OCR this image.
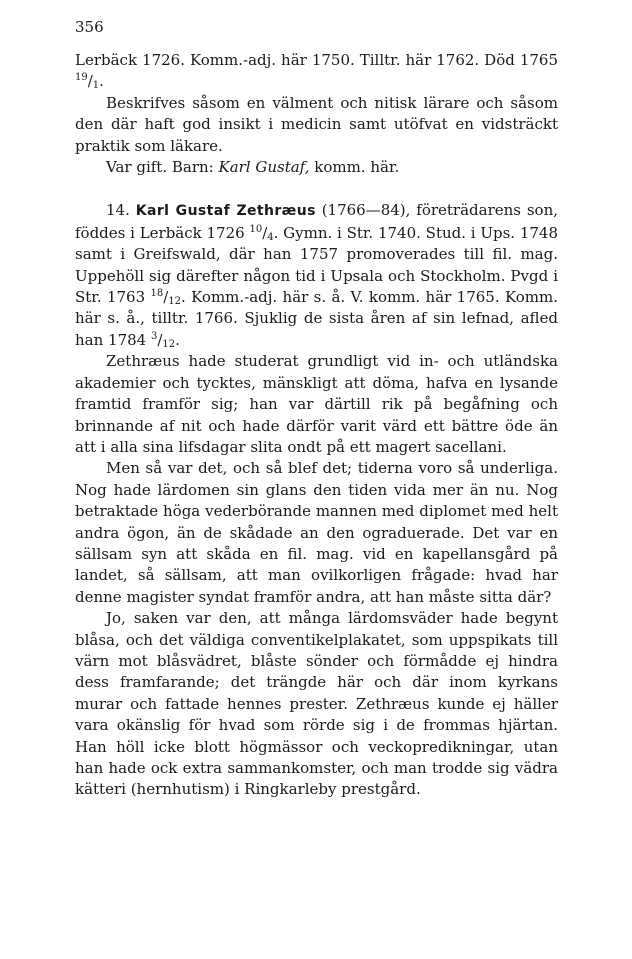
356

Lerbäck 1726. Komm.-adj. här 1750. Tilltr. här 1762. Död 1765 $^{19}/_1$.

Beskrifves såsom en välment och nitisk lärare och såsom den där haft god insikt i medicin samt utöfvat en vidsträckt praktik som läkare.

Var gift. Barn: Karl Gustaf, komm. här.

14. Karl Gustaf Zethræus (1766—84), företrädarens son, föddes i Lerbäck 1726 $^{10}/_4$. Gymn. i Str. 1740. Stud. i Ups. 1748 samt i Greifswald, där han 1757 promoverades till fil. mag. Uppehöll sig därefter någon tid i Upsala och Stockholm. Pvgd i Str. 1763 $^{18}/_{12}$. Komm.-adj. här s. å. V. komm. här 1765. Komm. här s. å., tilltr. 1766. Sjuklig de sista åren af sin lefnad, afled han 1784 $^3/_{12}$.

Zethræus hade studerat grundligt vid in- och utländska akademier och tycktes, mänskligt att döma, hafva en lysande framtid framför sig; han var därtill rik på begåfning och brinnande af nit och hade därför varit värd ett bättre öde än att i alla sina lifsdagar slita ondt på ett magert sacellani.

Men så var det, och så blef det; tiderna voro så underliga. Nog hade lärdomen sin glans den tiden vida mer än nu. Nog betraktade höga vederbörande mannen med diplomet med helt andra ögon, än de skådade an den ograduerade. Det var en sällsam syn att skåda en fil. mag. vid en kapellansgård på landet, så sällsam, att man ovilkorligen frågade: hvad har denne magister syndat framför andra, att han måste sitta där?

Jo, saken var den, att många lärdomsväder hade begynt blåsa, och det väldiga conventikelplakatet, som uppspikats till värn mot blåsvädret, blåste sönder och förmådde ej hindra dess framfarande; det trängde här och där inom kyrkans murar och fattade hennes prester. Zethræus kunde ej häller vara okänslig för hvad som rörde sig i de frommas hjärtan. Han höll icke blott högmässor och veckopredikningar, utan han hade ock extra sammankomster, och man trodde sig vädra kätteri (hernhutism) i Ringkarleby prestgård.
